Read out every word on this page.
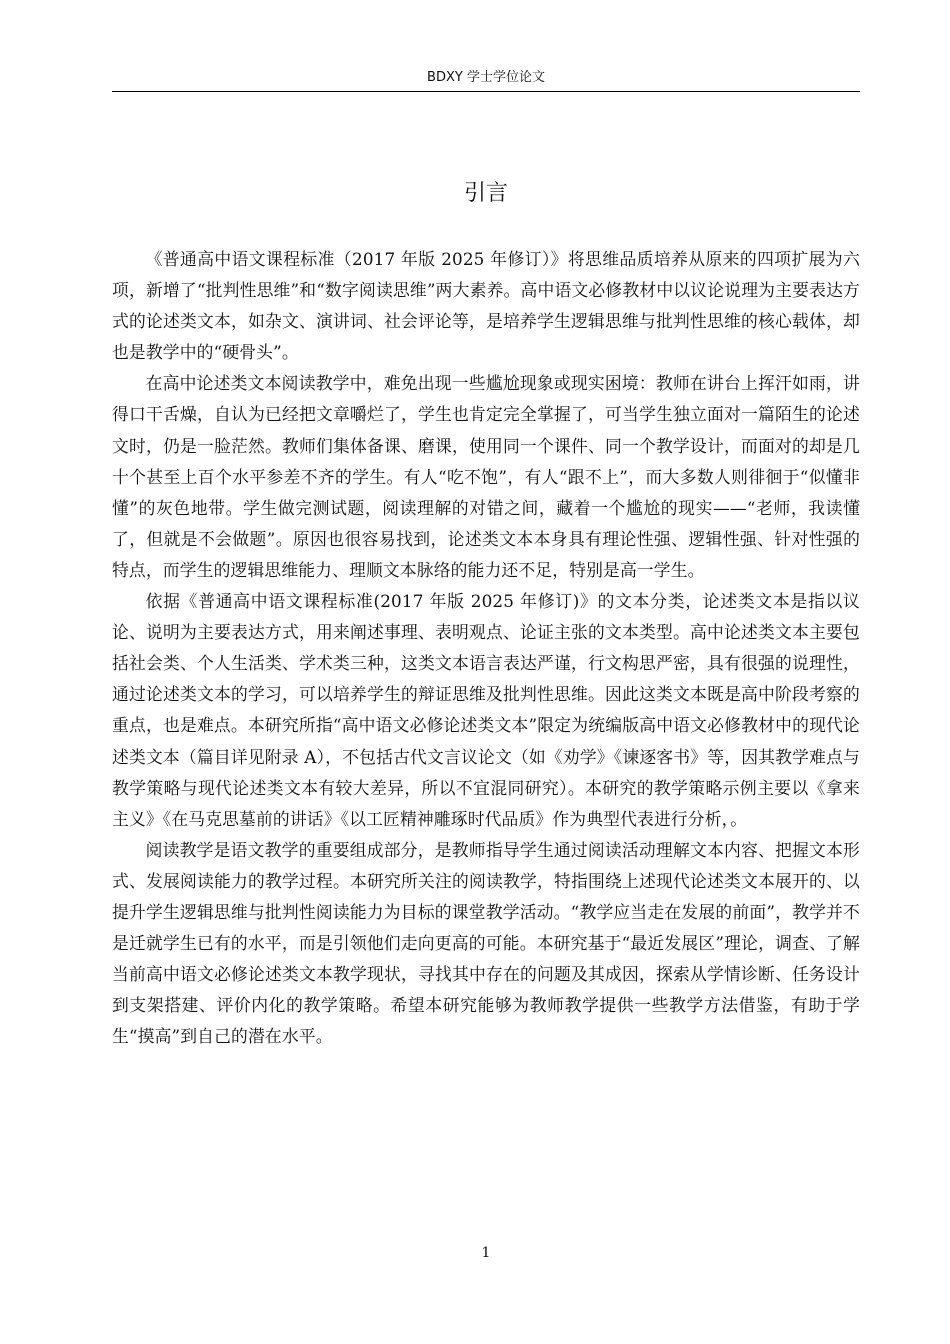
BDXY 学士学位论文
引言

《普通高中语文课程标准（2017 年版 2025 年修订）》将思维品质培养从原来的四项扩展为六项，新增了“批判性思维”和“数字阅读思维”两大素养。高中语文必修教材中以议论说理为主要表达方式的论述类文本，如杂文、演讲词、社会评论等，是培养学生逻辑思维与批判性思维的核心载体，却也是教学中的“硬骨头”。

在高中论述类文本阅读教学中，难免出现一些尴尬现象或现实困境：教师在讲台上挥汗如雨，讲得口干舌燥，自认为已经把文章嚼烂了，学生也肯定完全掌握了，可当学生独立面对一篇陌生的论述文时，仍是一脸茫然。教师们集体备课、磨课，使用同一个课件、同一个教学设计，而面对的却是几十个甚至上百个水平参差不齐的学生。有人“吃不饱”，有人“跟不上”，而大多数人则徘徊于“似懂非懂”的灰色地带。学生做完测试题，阅读理解的对错之间，藏着一个尴尬的现实——“老师，我读懂了，但就是不会做题”。原因也很容易找到，论述类文本本身具有理论性强、逻辑性强、针对性强的特点，而学生的逻辑思维能力、理顺文本脉络的能力还不足，特别是高一学生。

依据《普通高中语文课程标准(2017 年版 2025 年修订)》的文本分类，论述类文本是指以议论、说明为主要表达方式，用来阐述事理、表明观点、论证主张的文本类型。高中论述类文本主要包括社会类、个人生活类、学术类三种，这类文本语言表达严谨，行文构思严密，具有很强的说理性，通过论述类文本的学习，可以培养学生的辩证思维及批判性思维。因此这类文本既是高中阶段考察的重点，也是难点。本研究所指“高中语文必修论述类文本”限定为统编版高中语文必修教材中的现代论述类文本（篇目详见附录 A），不包括古代文言议论文（如《劝学》《谏逐客书》等，因其教学难点与教学策略与现代论述类文本有较大差异，所以不宜混同研究）。本研究的教学策略示例主要以《拿来主义》《在马克思墓前的讲话》《以工匠精神雕琢时代品质》作为典型代表进行分析，。

阅读教学是语文教学的重要组成部分，是教师指导学生通过阅读活动理解文本内容、把握文本形式、发展阅读能力的教学过程。本研究所关注的阅读教学，特指围绕上述现代论述类文本展开的、以提升学生逻辑思维与批判性阅读能力为目标的课堂教学活动。“教学应当走在发展的前面”，教学并不是迁就学生已有的水平，而是引领他们走向更高的可能。本研究基于“最近发展区”理论，调查、了解当前高中语文必修论述类文本教学现状，寻找其中存在的问题及其成因，探索从学情诊断、任务设计到支架搭建、评价内化的教学策略。希望本研究能够为教师教学提供一些教学方法借鉴，有助于学生“摸高”到自己的潜在水平。

1
